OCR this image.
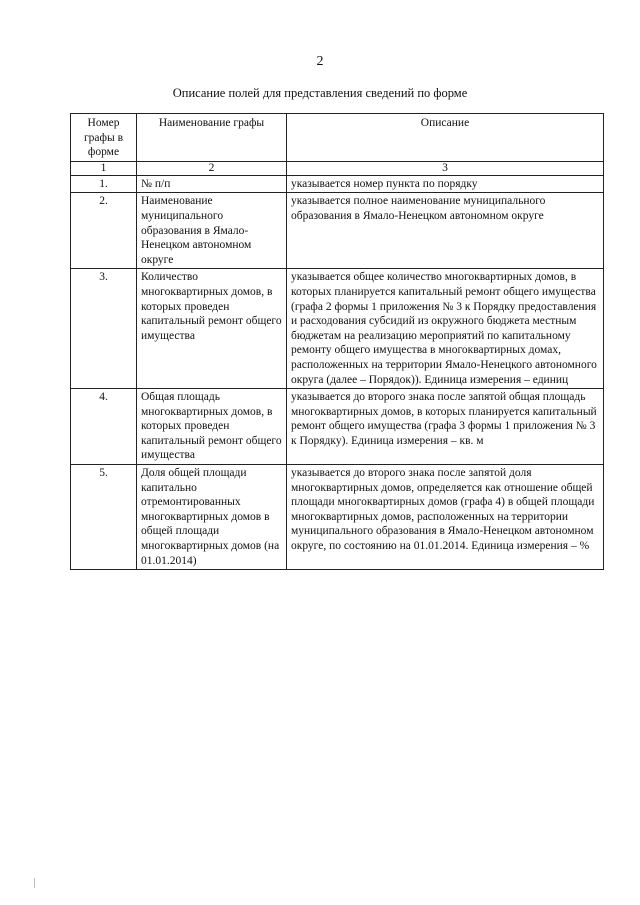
2
Описание полей для представления сведений по форме
Номер графы в форме	Наименование графы	Описание
1	2	3
1.	№ п/п	указывается номер пункта по порядку
2.	Наименование муниципального образования в Ямало-Ненецком автономном округе	указывается полное наименование муниципального образования в Ямало-Ненецком автономном округе
3.	Количество многоквартирных домов, в которых проведен капитальный ремонт общего имущества	указывается общее количество многоквартирных домов, в которых планируется капитальный ремонт общего имущества (графа 2 формы 1 приложения № 3 к Порядку предоставления и расходования субсидий из окружного бюджета местным бюджетам на реализацию мероприятий по капитальному ремонту общего имущества в многоквартирных домах, расположенных на территории Ямало-Ненецкого автономного округа (далее – Порядок)). Единица измерения – единиц
4.	Общая площадь многоквартирных домов, в которых проведен капитальный ремонт общего имущества	указывается до второго знака после запятой общая площадь многоквартирных домов, в которых планируется капитальный ремонт общего имущества (графа 3 формы 1 приложения № 3 к Порядку). Единица измерения – кв. м
5.	Доля общей площади капитально отремонтированных многоквартирных домов в общей площади многоквартирных домов (на 01.01.2014)	указывается до второго знака после запятой доля многоквартирных домов, определяется как отношение общей площади многоквартирных домов (графа 4) в общей площади многоквартирных домов, расположенных на территории муниципального образования в Ямало-Ненецком автономном округе, по состоянию на 01.01.2014. Единица измерения – %
